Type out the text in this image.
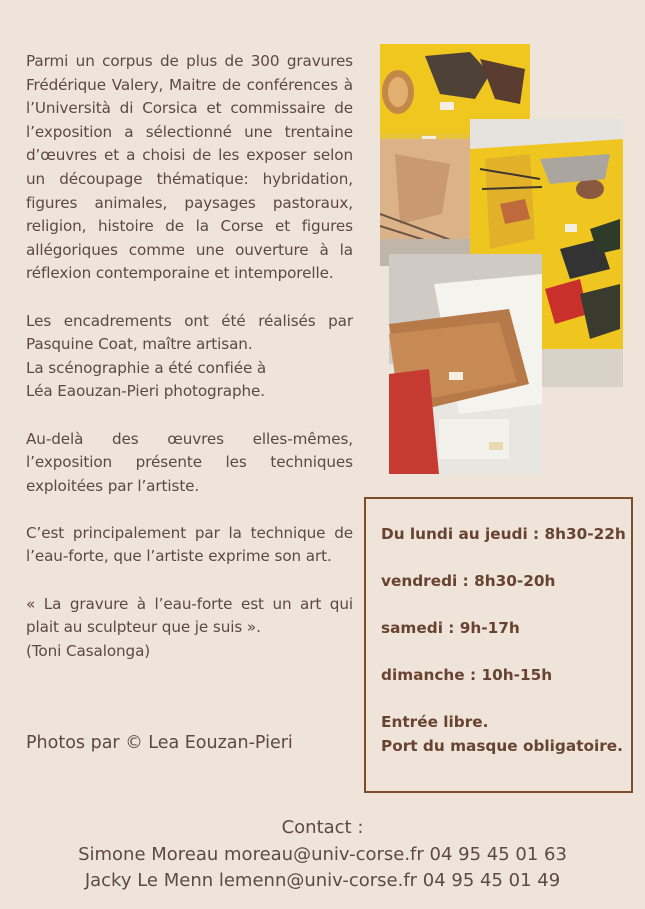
Parmi un corpus de plus de 300 gravures Frédérique Valery, Maitre de conférences à l’Università di Corsica et commissaire de l’exposition a sélectionné une trentaine d’œuvres et a choisi de les exposer selon un découpage thématique: hybridation, figures animales, paysages pastoraux, religion, histoire de la Corse et figures allégoriques comme une ouverture à la réflexion contemporaine et intemporelle.

Les encadrements ont été réalisés par Pasquine Coat, maître artisan.
La scénographie a été confiée à
Léa Eaouzan-Pieri photographe.

Au-delà des œuvres elles-mêmes, l’exposition présente les techniques exploitées par l’artiste.

C’est principalement par la technique de l’eau-forte, que l’artiste exprime son art.

« La gravure à l’eau-forte est un art qui plait au sculpteur que je suis ».
(Toni Casalonga)

Photos par © Lea Eouzan-Pieri
Du lundi au jeudi : 8h30-22h
vendredi : 8h30-20h
samedi : 9h-17h
dimanche : 10h-15h
Entrée libre.
Port du masque obligatoire.
Contact :
Simone Moreau moreau@univ-corse.fr 04 95 45 01 63
Jacky Le Menn lemenn@univ-corse.fr 04 95 45 01 49
